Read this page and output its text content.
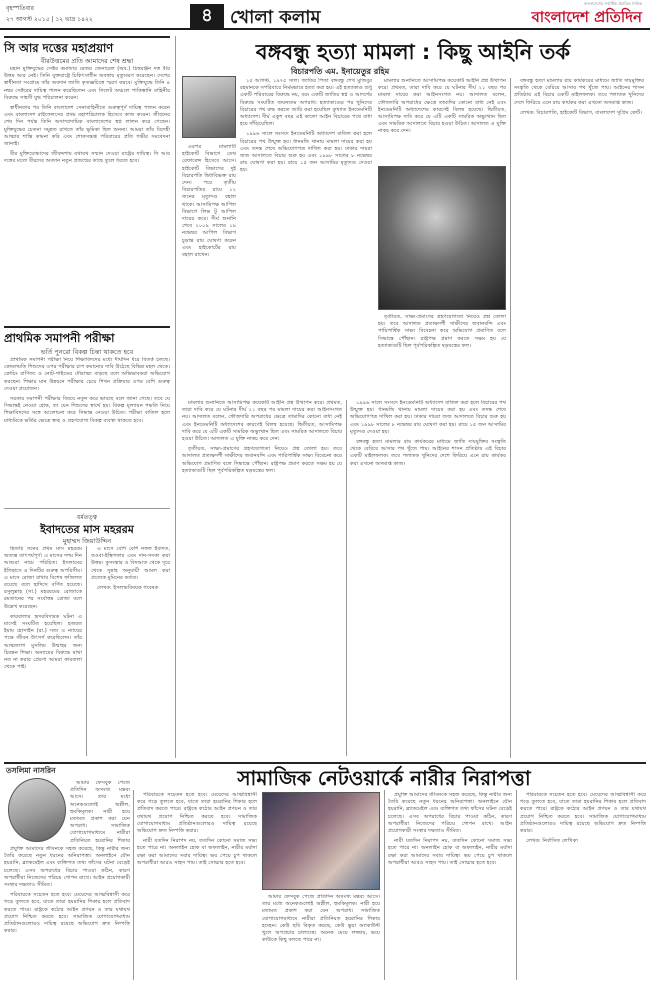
বৃহস্পতিবার
২৭ আগস্ট ২০১৫ | ১২ ভাদ্র ১৪২২	৪ খোলা কলাম
বাংলাদেশের সর্বাধিক প্রচারিত দৈনিক
বাংলাদেশ প্রতিদিন
সি আর দত্তের মহাপ্রয়াণ
বীরউত্তমের প্রতি আমাদের শেষ শ্রদ্ধা

মহান মুক্তিযুদ্ধের সেক্টর কমান্ডার মেজর জেনারেল (অব.) চিত্তরঞ্জন দত্ত বীর উত্তম আর নেই। তিনি যুক্তরাষ্ট্রে চিকিৎসাধীন অবস্থায় মৃত্যুবরণ করেছেন। দেশের স্বাধীনতা সংগ্রামে তাঁর অবদান জাতি কৃতজ্ঞচিত্তে স্মরণ করবে। মুক্তিযুদ্ধে তিনি ৪ নম্বর সেক্টরের দায়িত্ব পালন করেছিলেন এবং সিলেট অঞ্চলে পাকিস্তানি বাহিনীর বিরুদ্ধে সাহসী যুদ্ধ পরিচালনা করেন।

স্বাধীনতার পর তিনি বাংলাদেশ সেনাবাহিনীতে গুরুত্বপূর্ণ দায়িত্ব পালন করেন এবং বাংলাদেশ রাইফেলসের প্রথম মহাপরিচালক হিসেবে কাজ করেন। জীবনের শেষ দিন পর্যন্ত তিনি অসাম্প্রদায়িক বাংলাদেশের স্বপ্ন লালন করে গেছেন। মুক্তিযুদ্ধের চেতনা সমুন্নত রাখতে তাঁর ভূমিকা ছিল অনন্য। আমরা তাঁর বিদেহী আত্মার শান্তি কামনা করি এবং শোকসন্তপ্ত পরিবারের প্রতি গভীর সমবেদনা জানাই।

বীর মুক্তিযোদ্ধাদের জীবদ্দশায় যথাযথ সম্মান দেওয়া রাষ্ট্রের দায়িত্ব। সি আর দত্তের মতো বীরদের অবদান নতুন প্রজন্মের কাছে তুলে ধরতে হবে।

প্রাথমিক সমাপনী পরীক্ষা
ভর্তি পুনরো বিকল্প চিন্তা থাকতে হবে

প্রাথমিক সমাপনী পরীক্ষা নিয়ে শিক্ষাবিদদের মধ্যে দীর্ঘদিন ধরে বিতর্ক চলছে। কোমলমতি শিশুদের ওপর পরীক্ষার চাপ কমানোর দাবি উঠেছে বিভিন্ন মহল থেকে। কোচিং বাণিজ্য ও নোট-গাইডের দৌরাত্ম্য বাড়ছে বলে অভিভাবকরা অভিযোগ করছেন। শিক্ষার মান উন্নয়নে পরীক্ষার চেয়ে শিখন প্রক্রিয়ার ওপর বেশি গুরুত্ব দেওয়া প্রয়োজন।

সরকার সমাপনী পরীক্ষার বিষয়ে নতুন করে ভাবছে বলে জানা গেছে। তবে যে সিদ্ধান্তই নেওয়া হোক, তা যেন শিশুদের স্বার্থে হয়। বিকল্প মূল্যায়ন পদ্ধতি নিয়ে শিক্ষাবিদদের সঙ্গে আলোচনা করে সিদ্ধান্ত নেওয়া উচিত। পরীক্ষা বাতিল হলে মাধ্যমিকে ভর্তির ক্ষেত্রে স্বচ্ছ ও গ্রহণযোগ্য বিকল্প ব্যবস্থা থাকতে হবে।

ধর্মতত্ত্ব
ইবাদতের মাস মহররম
মুহাম্মদ জিয়াউদ্দিন

হিজরি সনের প্রথম মাস মহররম অত্যন্ত তাৎপর্যপূর্ণ। এ মাসের দশম দিন আশুরা নামে পরিচিত। ইসলামের ইতিহাসে এ দিনটির গুরুত্ব অপরিসীম। এ মাসে রোজা রাখার বিশেষ ফজিলত রয়েছে বলে হাদিসে বর্ণিত হয়েছে। রসুলুল্লাহ (সা.) মহররমের রোজাকে রমজানের পর সর্বোত্তম রোজা বলে উল্লেখ করেছেন।

কারবালার হৃদয়বিদারক ঘটনা এ মাসেই সংঘটিত হয়েছিল। হজরত ইমাম হোসাইন (রা.) সত্য ও ন্যায়ের পক্ষে জীবন উৎসর্গ করেছিলেন। তাঁর আত্মত্যাগ মুসলিম উম্মাহর জন্য চিরন্তন শিক্ষা। অন্যায়ের বিরুদ্ধে মাথা নত না করার প্রেরণা আমরা কারবালা থেকে পাই।

এ মাসে বেশি বেশি নফল ইবাদত, তওবা-ইস্তিগফার এবং দান-সদকা করা উত্তম। কুসংস্কার ও বিদআত থেকে দূরে থেকে সুন্নাহ অনুযায়ী আমল করা প্রত্যেক মুমিনের কর্তব্য।

লেখক: ইসলামবিষয়ক গবেষক

বঙ্গবন্ধু হত্যা মামলা : কিছু আইনি তর্ক
বিচারপতি এম. ইনায়েতুর রহিম

১৫ আগস্ট, ১৯৭৫ সাল। জাতির পিতা বঙ্গবন্ধু শেখ মুজিবুর রহমানকে সপরিবারে নির্মমভাবে হত্যা করা হয়। এই হত্যাকাণ্ড শুধু একটি পরিবারের বিরুদ্ধে নয়, বরং একটি জাতির স্বপ্ন ও আদর্শের বিরুদ্ধে সংঘটিত জঘন্যতম অপরাধ। হত্যাকাণ্ডের পর খুনিদের বিচারের পথ রুদ্ধ করতে জারি করা হয়েছিল কুখ্যাত ইনডেমনিটি অধ্যাদেশ। দীর্ঘ একুশ বছর এই কালো আইন বিচারের পথে বাধা হয়ে দাঁড়িয়েছিল।

১৯৯৬ সালে সংসদে ইনডেমনিটি অধ্যাদেশ বাতিল করা হলে বিচারের পথ উন্মুক্ত হয়। ধানমন্ডি থানায় মামলা দায়ের করা হয় এবং তদন্ত শেষে অভিযোগপত্র দাখিল করা হয়। ঢাকার দায়রা জজ আদালতে বিচার শুরু হয় এবং ১৯৯৮ সালের ৮ নভেম্বর রায় ঘোষণা করা হয়। রায়ে ১৫ জন আসামির মৃত্যুদণ্ড দেওয়া হয়।

এরপর মামলাটি হাইকোর্ট বিভাগে ডেথ রেফারেন্স হিসেবে আসে। হাইকোর্ট বিভাগের দুই বিচারপতি দ্বিধাবিভক্ত রায় দেন। পরে তৃতীয় বিচারপতির রায়ে ১২ জনের মৃত্যুদণ্ড বহাল থাকে। আসামিপক্ষ আপিল বিভাগে লিভ টু আপিল দায়ের করে। দীর্ঘ শুনানি শেষে ২০০৯ সালের ১৯ নভেম্বর আপিল বিভাগ চূড়ান্ত রায় ঘোষণা করেন এবং হাইকোর্টের রায় বহাল রাখেন।

মামলার শুনানিতে আসামিপক্ষ কয়েকটি আইনি প্রশ্ন উত্থাপন করে। প্রথমত, তারা দাবি করে যে ঘটনার দীর্ঘ ২১ বছর পর মামলা দায়ের করা আইনসংগত নয়। আদালত বলেন, ফৌজদারি অপরাধের ক্ষেত্রে তামাদির কোনো বাধা নেই এবং ইনডেমনিটি অধ্যাদেশের কারণেই বিলম্ব হয়েছে। দ্বিতীয়ত, আসামিপক্ষ দাবি করে যে এটি একটি সামরিক অভ্যুত্থান ছিল এবং সামরিক আদালতে বিচার হওয়া উচিত। আদালত এ যুক্তি নাকচ করে দেন।

তৃতীয়ত, সাক্ষ্য-প্রমাণের গ্রহণযোগ্যতা নিয়েও প্রশ্ন তোলা হয়। তবে আদালত প্রত্যক্ষদর্শী সাক্ষীদের জবানবন্দি এবং পারিপার্শ্বিক সাক্ষ্য বিবেচনা করে অভিযোগ প্রমাণিত বলে সিদ্ধান্তে পৌঁছান। রাষ্ট্রপক্ষ প্রমাণ করতে সক্ষম হয় যে হত্যাকাণ্ডটি ছিল পূর্বপরিকল্পিত ষড়যন্ত্রের ফল।

বঙ্গবন্ধু হত্যা মামলার রায় কার্যকরের মাধ্যমে জাতি দায়মুক্তির সংস্কৃতি থেকে বেরিয়ে আসার পথ খুঁজে পায়। আইনের শাসন প্রতিষ্ঠায় এই বিচার একটি মাইলফলক। তবে পলাতক খুনিদের দেশে ফিরিয়ে এনে রায় কার্যকর করা এখনো অসমাপ্ত কাজ।

লেখক: বিচারপতি, হাইকোর্ট বিভাগ, বাংলাদেশ সুপ্রিম কোর্ট।

মামলার শুনানিতে আসামিপক্ষ কয়েকটি আইনি প্রশ্ন উত্থাপন করে। প্রথমত, তারা দাবি করে যে ঘটনার দীর্ঘ ২১ বছর পর মামলা দায়ের করা আইনসংগত নয়। আদালত বলেন, ফৌজদারি অপরাধের ক্ষেত্রে তামাদির কোনো বাধা নেই এবং ইনডেমনিটি অধ্যাদেশের কারণেই বিলম্ব হয়েছে। দ্বিতীয়ত, আসামিপক্ষ দাবি করে যে এটি একটি সামরিক অভ্যুত্থান ছিল এবং সামরিক আদালতে বিচার হওয়া উচিত। আদালত এ যুক্তি নাকচ করে দেন।

তৃতীয়ত, সাক্ষ্য-প্রমাণের গ্রহণযোগ্যতা নিয়েও প্রশ্ন তোলা হয়। তবে আদালত প্রত্যক্ষদর্শী সাক্ষীদের জবানবন্দি এবং পারিপার্শ্বিক সাক্ষ্য বিবেচনা করে অভিযোগ প্রমাণিত বলে সিদ্ধান্তে পৌঁছান। রাষ্ট্রপক্ষ প্রমাণ করতে সক্ষম হয় যে হত্যাকাণ্ডটি ছিল পূর্বপরিকল্পিত ষড়যন্ত্রের ফল।

১৯৯৬ সালে সংসদে ইনডেমনিটি অধ্যাদেশ বাতিল করা হলে বিচারের পথ উন্মুক্ত হয়। ধানমন্ডি থানায় মামলা দায়ের করা হয় এবং তদন্ত শেষে অভিযোগপত্র দাখিল করা হয়। ঢাকার দায়রা জজ আদালতে বিচার শুরু হয় এবং ১৯৯৮ সালের ৮ নভেম্বর রায় ঘোষণা করা হয়। রায়ে ১৫ জন আসামির মৃত্যুদণ্ড দেওয়া হয়।

বঙ্গবন্ধু হত্যা মামলার রায় কার্যকরের মাধ্যমে জাতি দায়মুক্তির সংস্কৃতি থেকে বেরিয়ে আসার পথ খুঁজে পায়। আইনের শাসন প্রতিষ্ঠায় এই বিচার একটি মাইলফলক। তবে পলাতক খুনিদের দেশে ফিরিয়ে এনে রায় কার্যকর করা এখনো অসমাপ্ত কাজ।

তসলিমা নাসরিন	সামাজিক নেটওয়ার্কে নারীর নিরাপত্তা

আমার ফেসবুক পেজে প্রতিদিন অসংখ্য মন্তব্য আসে। তার মধ্যে অনেকগুলোই অশ্লীল, হুমকিমূলক। নারী হয়ে মতামত প্রকাশ করা যেন অপরাধ। সামাজিক যোগাযোগমাধ্যমে নারীরা প্রতিনিয়ত হয়রানির শিকার

প্রযুক্তি আমাদের জীবনকে সহজ করেছে, কিন্তু নারীর জন্য তৈরি করেছে নতুন ধরনের অনিরাপত্তা। অনলাইনে যৌন হয়রানি, ব্ল্যাকমেইল এবং ব্যক্তিগত তথ্য ফাঁসের ঘটনা বেড়েই চলেছে। এসব অপরাধের বিচার পাওয়া কঠিন, কারণ অপরাধীরা নিজেদের পরিচয় গোপন রাখে। আইন প্রয়োগকারী সংস্থার দক্ষতাও সীমিত।

পরিবারকে সচেতন হতে হবে। মেয়েদের আত্মবিশ্বাসী করে গড়ে তুলতে হবে, যাতে তারা হয়রানির শিকার হলে প্রতিবাদ করতে পারে। রাষ্ট্রকে কঠোর আইন প্রণয়ন ও তার যথাযথ প্রয়োগ নিশ্চিত করতে হবে। সামাজিক যোগাযোগমাধ্যম প্রতিষ্ঠানগুলোরও দায়িত্ব রয়েছে অভিযোগ দ্রুত নিষ্পত্তি করার।

পরিবারকে সচেতন হতে হবে। মেয়েদের আত্মবিশ্বাসী করে গড়ে তুলতে হবে, যাতে তারা হয়রানির শিকার হলে প্রতিবাদ করতে পারে। রাষ্ট্রকে কঠোর আইন প্রণয়ন ও তার যথাযথ প্রয়োগ নিশ্চিত করতে হবে। সামাজিক যোগাযোগমাধ্যম প্রতিষ্ঠানগুলোরও দায়িত্ব রয়েছে অভিযোগ দ্রুত নিষ্পত্তি করার।

নারী যতদিন নিরাপদ নয়, ততদিন কোনো সমাজ সভ্য হতে পারে না। অনলাইন হোক বা অফলাইন, নারীর মর্যাদা রক্ষা করা আমাদের সবার দায়িত্ব। ভয় পেয়ে চুপ থাকলে অপরাধীরা আরও সাহস পায়। তাই সোচ্চার হতে হবে।

আমার ফেসবুক পেজে প্রতিদিন অসংখ্য মন্তব্য আসে। তার মধ্যে অনেকগুলোই অশ্লীল, হুমকিমূলক। নারী হয়ে মতামত প্রকাশ করা যেন অপরাধ। সামাজিক যোগাযোগমাধ্যমে নারীরা প্রতিনিয়ত হয়রানির শিকার হচ্ছেন। কেউ ছবি বিকৃত করছে, কেউ ভুয়া অ্যাকাউন্ট খুলে অপপ্রচার চালাচ্ছে। অনেক মেয়ে লজ্জায়, ভয়ে কাউকে কিছু বলতে পারে না।

প্রযুক্তি আমাদের জীবনকে সহজ করেছে, কিন্তু নারীর জন্য তৈরি করেছে নতুন ধরনের অনিরাপত্তা। অনলাইনে যৌন হয়রানি, ব্ল্যাকমেইল এবং ব্যক্তিগত তথ্য ফাঁসের ঘটনা বেড়েই চলেছে। এসব অপরাধের বিচার পাওয়া কঠিন, কারণ অপরাধীরা নিজেদের পরিচয় গোপন রাখে। আইন প্রয়োগকারী সংস্থার দক্ষতাও সীমিত।

নারী যতদিন নিরাপদ নয়, ততদিন কোনো সমাজ সভ্য হতে পারে না। অনলাইন হোক বা অফলাইন, নারীর মর্যাদা রক্ষা করা আমাদের সবার দায়িত্ব। ভয় পেয়ে চুপ থাকলে অপরাধীরা আরও সাহস পায়। তাই সোচ্চার হতে হবে।

পরিবারকে সচেতন হতে হবে। মেয়েদের আত্মবিশ্বাসী করে গড়ে তুলতে হবে, যাতে তারা হয়রানির শিকার হলে প্রতিবাদ করতে পারে। রাষ্ট্রকে কঠোর আইন প্রণয়ন ও তার যথাযথ প্রয়োগ নিশ্চিত করতে হবে। সামাজিক যোগাযোগমাধ্যম প্রতিষ্ঠানগুলোরও দায়িত্ব রয়েছে অভিযোগ দ্রুত নিষ্পত্তি করার।

লেখক: নির্বাসিত লেখিকা
